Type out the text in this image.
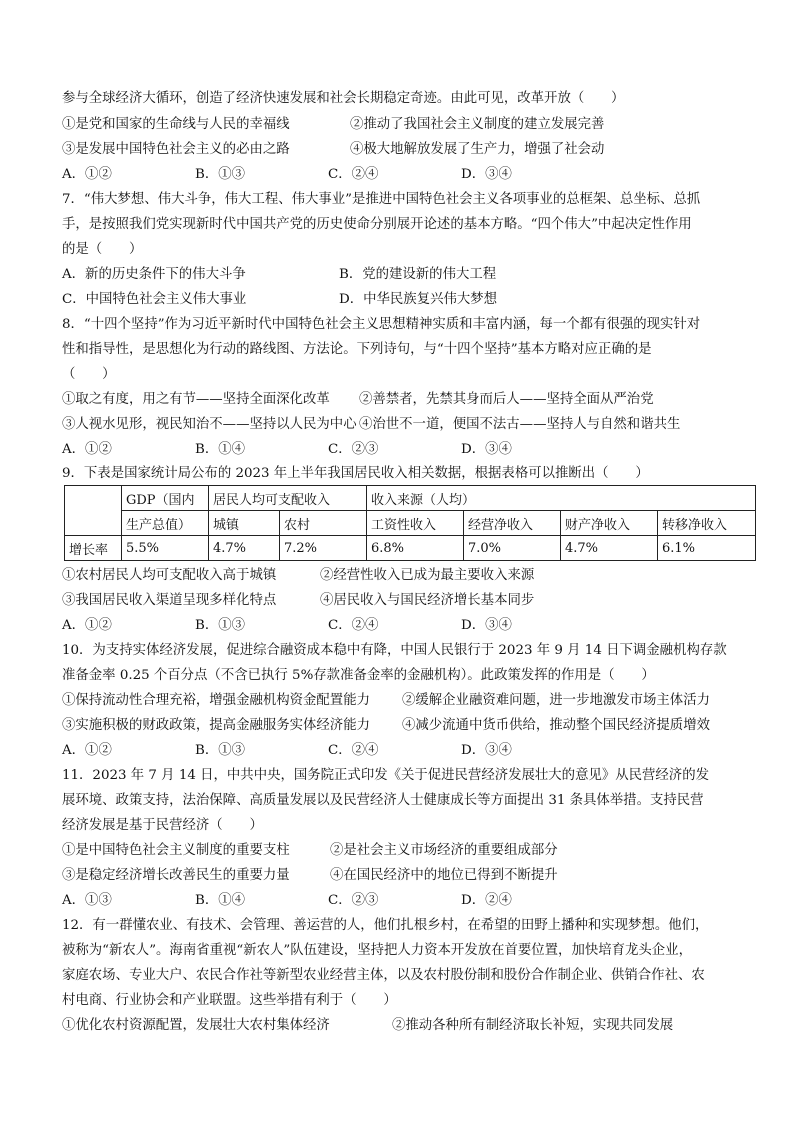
参与全球经济大循环，创造了经济快速发展和社会长期稳定奇迹。由此可见，改革开放（　　）
①是党和国家的生命线与人民的幸福线	②推动了我国社会主义制度的建立发展完善
③是发展中国特色社会主义的必由之路	④极大地解放发展了生产力，增强了社会动
A．①②	B．①③	C．②④	D．③④
7．“伟大梦想、伟大斗争，伟大工程、伟大事业”是推进中国特色社会主义各项事业的总框架、总坐标、总抓
手，是按照我们党实现新时代中国共产党的历史使命分别展开论述的基本方略。“四个伟大”中起决定性作用
的是（　　）
A．新的历史条件下的伟大斗争	B．党的建设新的伟大工程
C．中国特色社会主义伟大事业	D．中华民族复兴伟大梦想
8．“十四个坚持”作为习近平新时代中国特色社会主义思想精神实质和丰富内涵，每一个都有很强的现实针对
性和指导性，是思想化为行动的路线图、方法论。下列诗句，与“十四个坚持”基本方略对应正确的是
（　　）
①取之有度，用之有节——坚持全面深化改革	②善禁者，先禁其身而后人——坚持全面从严治党
③人视水见形，视民知治不——坚持以人民为中心 ④治世不一道，便国不法古——坚持人与自然和谐共生
A．①②	B．①④	C．②③	D．③④
9．下表是国家统计局公布的 2023 年上半年我国居民收入相关数据，根据表格可以推断出（　　）
	GDP（国内	居民人均可支配收入		收入来源（人均）			
	生产总值）	城镇	农村	工资性收入	经营净收入	财产净收入	转移净收入
增长率	5.5%	4.7%	7.2%	6.8%	7.0%	4.7%	6.1%
①农村居民人均可支配收入高于城镇	②经营性收入已成为最主要收入来源
③我国居民收入渠道呈现多样化特点	④居民收入与国民经济增长基本同步
A．①②	B．①③	C．②④	D．③④
10．为支持实体经济发展，促进综合融资成本稳中有降，中国人民银行于 2023 年 9 月 14 日下调金融机构存款
准备金率 0.25 个百分点（不含已执行 5%存款准备金率的金融机构）。此政策发挥的作用是（　　）
①保持流动性合理充裕，增强金融机构资金配置能力	②缓解企业融资难问题，进一步地激发市场主体活力
③实施积极的财政政策，提高金融服务实体经济能力	④减少流通中货币供给，推动整个国民经济提质增效
A．①②	B．①③	C．②④	D．③④
11．2023 年 7 月 14 日，中共中央，国务院正式印发《关于促进民营经济发展壮大的意见》从民营经济的发
展环境、政策支持，法治保障、高质量发展以及民营经济人士健康成长等方面提出 31 条具体举措。支持民营
经济发展是基于民营经济（　　）
①是中国特色社会主义制度的重要支柱	②是社会主义市场经济的重要组成部分
③是稳定经济增长改善民生的重要力量	④在国民经济中的地位已得到不断提升
A．①③	B．①④	C．②③	D．②④
12．有一群懂农业、有技术、会管理、善运营的人，他们扎根乡村，在希望的田野上播种和实现梦想。他们，
被称为“新农人”。海南省重视“新农人”队伍建设，坚持把人力资本开发放在首要位置，加快培育龙头企业，
家庭农场、专业大户、农民合作社等新型农业经营主体，以及农村股份制和股份合作制企业、供销合作社、农
村电商、行业协会和产业联盟。这些举措有利于（　　）
①优化农村资源配置，发展壮大农村集体经济	②推动各种所有制经济取长补短，实现共同发展
